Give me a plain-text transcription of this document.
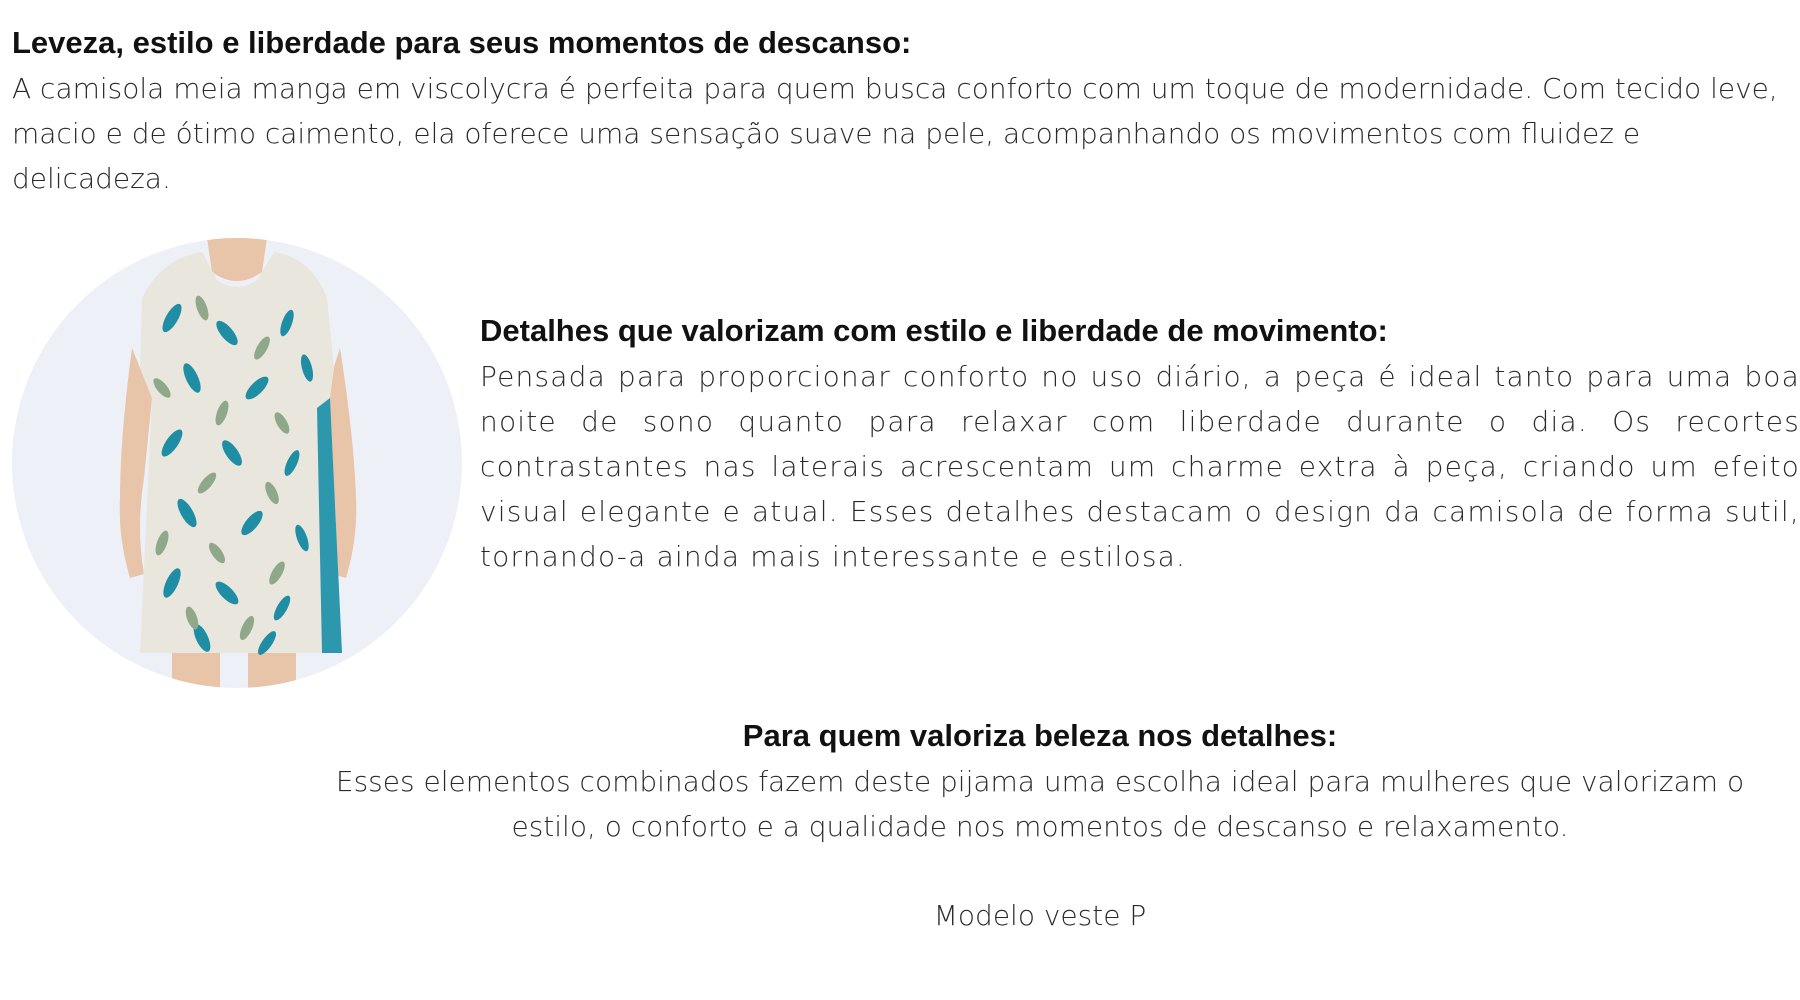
Leveza, estilo e liberdade para seus momentos de descanso:

A camisola meia manga em viscolycra é perfeita para quem busca conforto com um toque de modernidade. Com tecido leve, macio e de ótimo caimento, ela oferece uma sensação suave na pele, acompanhando os movimentos com fluidez e delicadeza.

Detalhes que valorizam com estilo e liberdade de movimento:

Pensada para proporcionar conforto no uso diário, a peça é ideal tanto para uma boa noite de sono quanto para relaxar com liberdade durante o dia. Os recortes contrastantes nas laterais acrescentam um charme extra à peça, criando um efeito visual elegante e atual. Esses detalhes destacam o design da camisola de forma sutil, tornando-a ainda mais interessante e estilosa.

Para quem valoriza beleza nos detalhes:

Esses elementos combinados fazem deste pijama uma escolha ideal para mulheres que valorizam o estilo, o conforto e a qualidade nos momentos de descanso e relaxamento.

Modelo veste P
